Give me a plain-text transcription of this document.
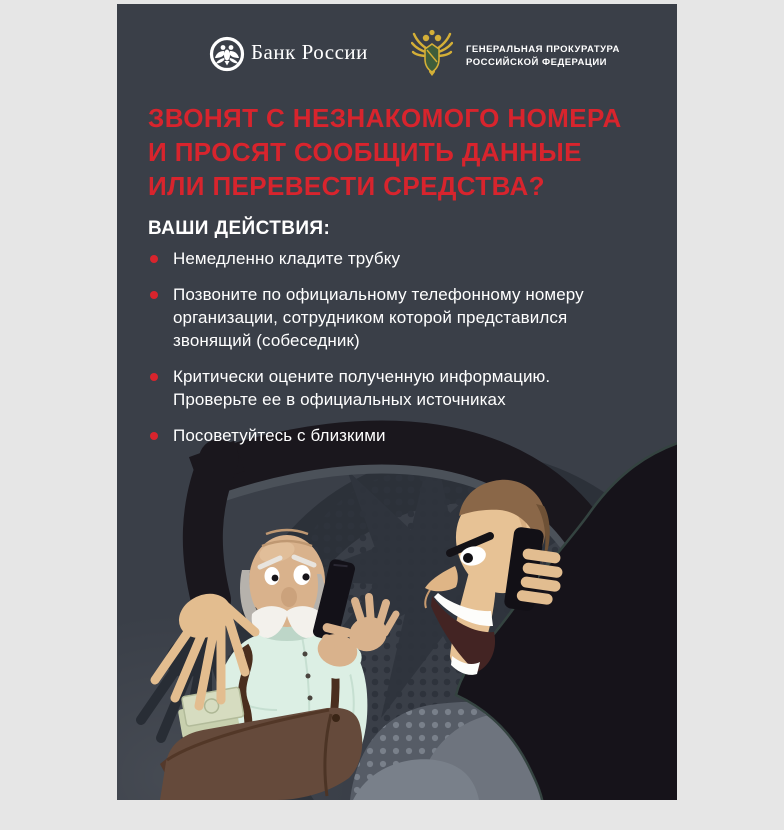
Банк России	ГЕНЕРАЛЬНАЯ ПРОКУРАТУРА
РОССИЙСКОЙ ФЕДЕРАЦИИ
ЗВОНЯТ С НЕЗНАКОМОГО НОМЕРА
И ПРОСЯТ СООБЩИТЬ ДАННЫЕ
ИЛИ ПЕРЕВЕСТИ СРЕДСТВА?
ВАШИ ДЕЙСТВИЯ:
Немедленно кладите трубку
Позвоните по официальному телефонному номеру организации, сотрудником которой представился звонящий (собеседник)
Критически оцените полученную информацию. Проверьте ее в официальных источниках
Посоветуйтесь с близкими
